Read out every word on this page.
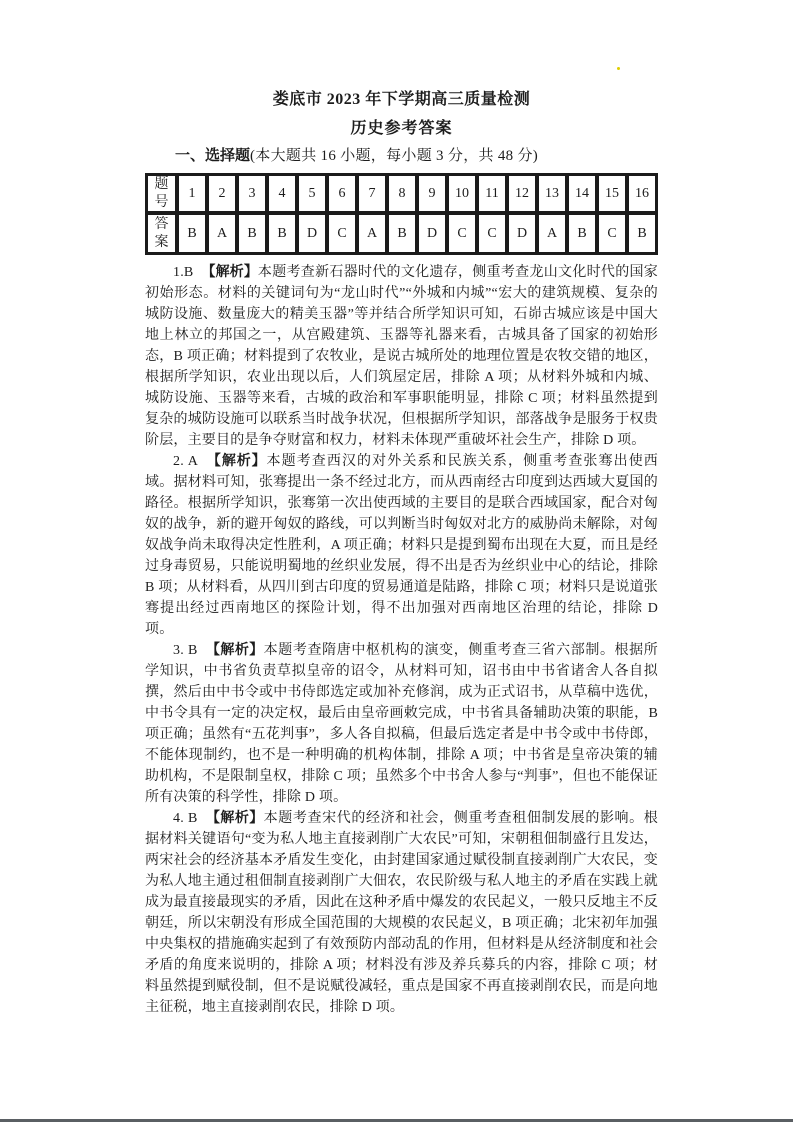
娄底市 2023 年下学期高三质量检测
历史参考答案
一、选择题(本大题共 16 小题，每小题 3 分，共 48 分)
题号	1	2	3	4	5	6	7	8	9	10	11	12	13	14	15	16
答案	B	A	B	B	D	C	A	B	D	C	C	D	A	B	C	B

1.B 【解析】本题考查新石器时代的文化遗存，侧重考查龙山文化时代的国家初始形态。材料的关键词句为“龙山时代”“外城和内城”“宏大的建筑规模、复杂的城防设施、数量庞大的精美玉器”等并结合所学知识可知，石峁古城应该是中国大地上林立的邦国之一，从宫殿建筑、玉器等礼器来看，古城具备了国家的初始形态，B 项正确；材料提到了农牧业，是说古城所处的地理位置是农牧交错的地区，根据所学知识，农业出现以后，人们筑屋定居，排除 A 项；从材料外城和内城、城防设施、玉器等来看，古城的政治和军事职能明显，排除 C 项；材料虽然提到复杂的城防设施可以联系当时战争状况，但根据所学知识，部落战争是服务于权贵阶层，主要目的是争夺财富和权力，材料未体现严重破坏社会生产，排除 D 项。

2. A 【解析】本题考查西汉的对外关系和民族关系，侧重考查张骞出使西域。据材料可知，张骞提出一条不经过北方，而从西南经古印度到达西域大夏国的路径。根据所学知识，张骞第一次出使西域的主要目的是联合西域国家，配合对匈奴的战争，新的避开匈奴的路线，可以判断当时匈奴对北方的威胁尚未解除，对匈奴战争尚未取得决定性胜利，A 项正确；材料只是提到蜀布出现在大夏，而且是经过身毒贸易，只能说明蜀地的丝织业发展，得不出是否为丝织业中心的结论，排除 B 项；从材料看，从四川到古印度的贸易通道是陆路，排除 C 项；材料只是说道张骞提出经过西南地区的探险计划，得不出加强对西南地区治理的结论，排除 D 项。

3. B 【解析】本题考查隋唐中枢机构的演变，侧重考查三省六部制。根据所学知识，中书省负责草拟皇帝的诏令，从材料可知，诏书由中书省诸舍人各自拟撰，然后由中书令或中书侍郎选定或加补充修润，成为正式诏书，从草稿中选优，中书令具有一定的决定权，最后由皇帝画敕完成，中书省具备辅助决策的职能，B 项正确；虽然有“五花判事”，多人各自拟稿，但最后选定者是中书令或中书侍郎，不能体现制约，也不是一种明确的机构体制，排除 A 项；中书省是皇帝决策的辅助机构，不是限制皇权，排除 C 项；虽然多个中书舍人参与“判事”，但也不能保证所有决策的科学性，排除 D 项。

4. B 【解析】本题考查宋代的经济和社会，侧重考查租佃制发展的影响。根据材料关键语句“变为私人地主直接剥削广大农民”可知，宋朝租佃制盛行且发达，两宋社会的经济基本矛盾发生变化，由封建国家通过赋役制直接剥削广大农民，变为私人地主通过租佃制直接剥削广大佃农，农民阶级与私人地主的矛盾在实践上就成为最直接最现实的矛盾，因此在这种矛盾中爆发的农民起义，一般只反地主不反朝廷，所以宋朝没有形成全国范围的大规模的农民起义，B 项正确；北宋初年加强中央集权的措施确实起到了有效预防内部动乱的作用，但材料是从经济制度和社会矛盾的角度来说明的，排除 A 项；材料没有涉及养兵募兵的内容，排除 C 项；材料虽然提到赋役制，但不是说赋役减轻，重点是国家不再直接剥削农民，而是向地主征税，地主直接剥削农民，排除 D 项。
